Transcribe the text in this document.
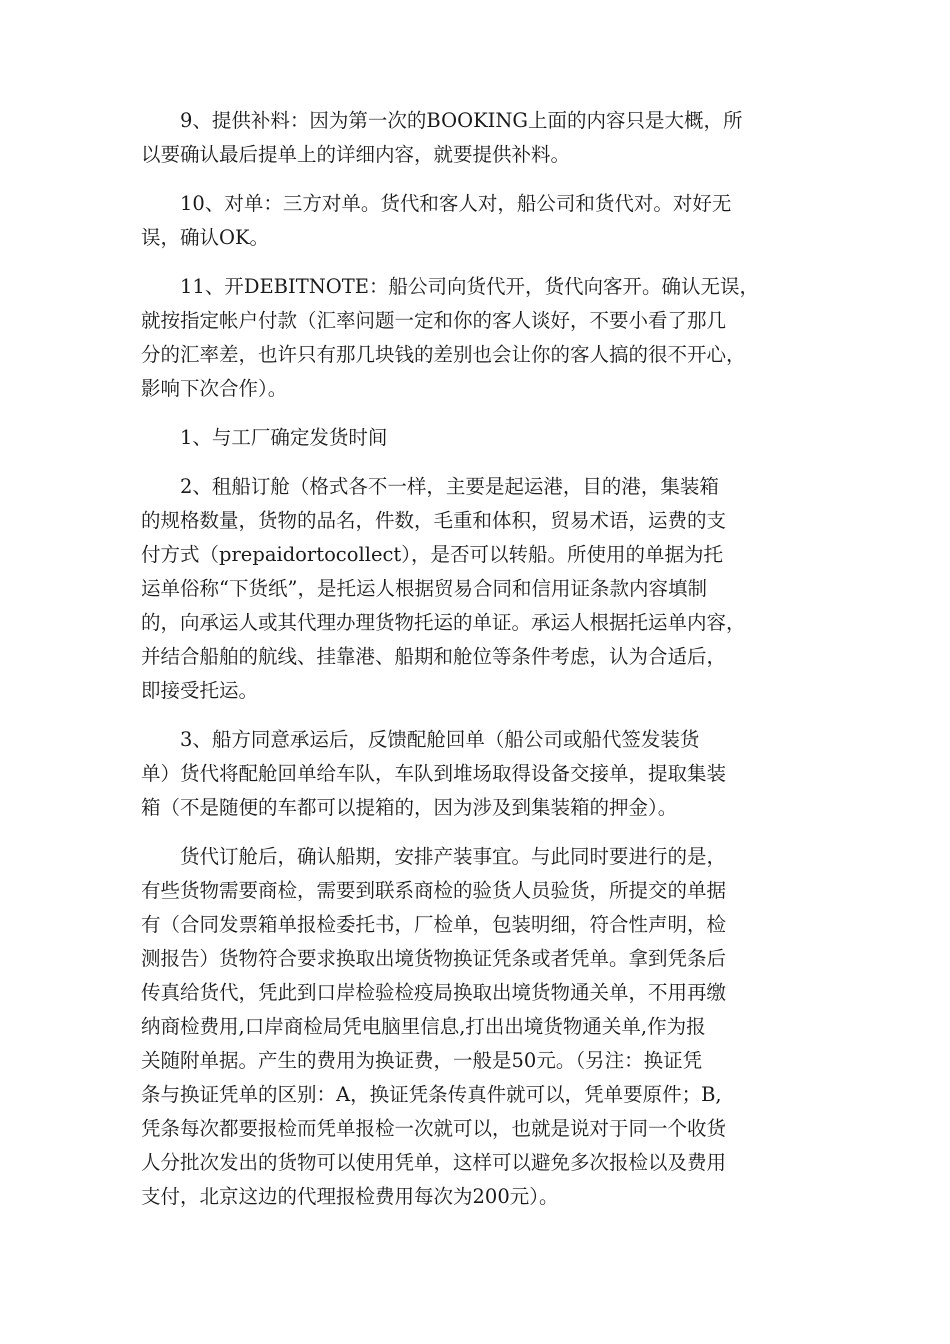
9、提供补料：因为第一次的BOOKING上面的内容只是大概，所
以要确认最后提单上的详细内容，就要提供补料。
10、对单：三方对单。货代和客人对，船公司和货代对。对好无
误，确认OK。
11、开DEBITNOTE：船公司向货代开，货代向客开。确认无误，
就按指定帐户付款（汇率问题一定和你的客人谈好，不要小看了那几
分的汇率差，也许只有那几块钱的差别也会让你的客人搞的很不开心，
影响下次合作）。
1、与工厂确定发货时间
2、租船订舱（格式各不一样，主要是起运港，目的港，集装箱
的规格数量，货物的品名，件数，毛重和体积，贸易术语，运费的支
付方式（prepaidortocollect），是否可以转船。所使用的单据为托
运单俗称“下货纸”，是托运人根据贸易合同和信用证条款内容填制
的，向承运人或其代理办理货物托运的单证。承运人根据托运单内容，
并结合船舶的航线、挂靠港、船期和舱位等条件考虑，认为合适后，
即接受托运。
3、船方同意承运后，反馈配舱回单（船公司或船代签发装货
单）货代将配舱回单给车队，车队到堆场取得设备交接单，提取集装
箱（不是随便的车都可以提箱的，因为涉及到集装箱的押金）。
货代订舱后，确认船期，安排产装事宜。与此同时要进行的是，
有些货物需要商检，需要到联系商检的验货人员验货，所提交的单据
有（合同发票箱单报检委托书，厂检单，包装明细，符合性声明，检
测报告）货物符合要求换取出境货物换证凭条或者凭单。拿到凭条后
传真给货代，凭此到口岸检验检疫局换取出境货物通关单，不用再缴
纳商检费用,口岸商检局凭电脑里信息,打出出境货物通关单,作为报
关随附单据。产生的费用为换证费，一般是50元。（另注：换证凭
条与换证凭单的区别：A，换证凭条传真件就可以，凭单要原件；B,
凭条每次都要报检而凭单报检一次就可以，也就是说对于同一个收货
人分批次发出的货物可以使用凭单，这样可以避免多次报检以及费用
支付，北京这边的代理报检费用每次为200元）。
